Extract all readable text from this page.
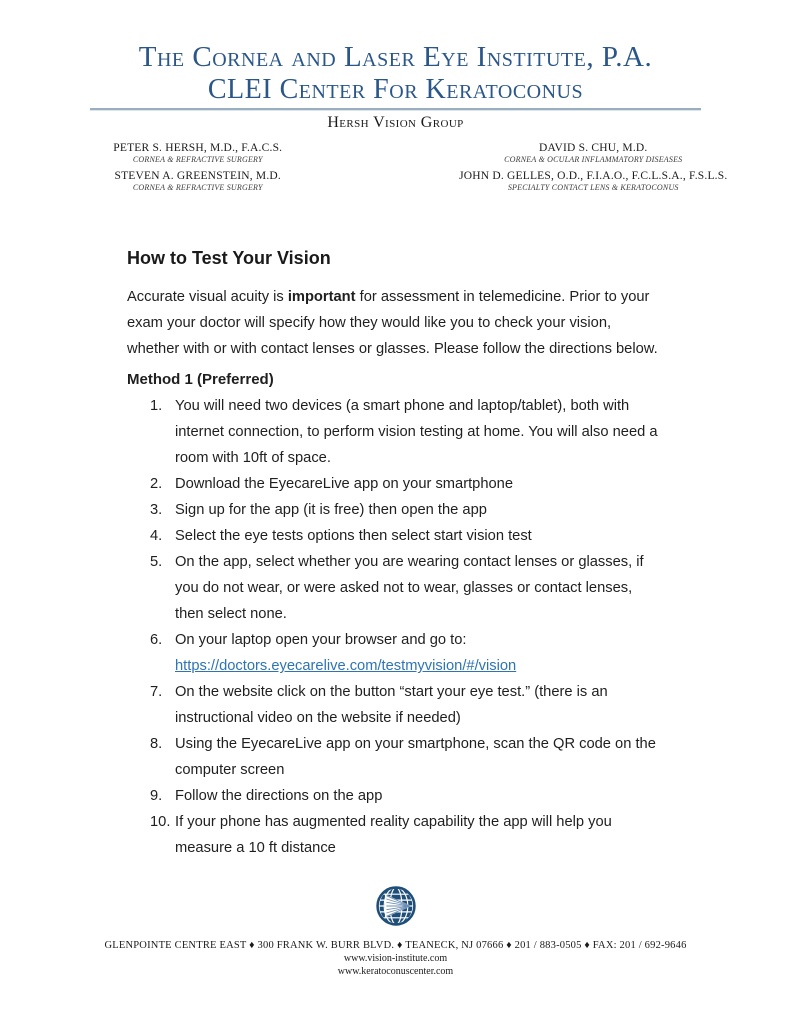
The Cornea and Laser Eye Institute, P.A.
CLEI Center For Keratoconus
Hersh Vision Group
PETER S. HERSH, M.D., F.A.C.S.
CORNEA & REFRACTIVE SURGERY
STEVEN A. GREENSTEIN, M.D.
CORNEA & REFRACTIVE SURGERY
DAVID S. CHU, M.D.
CORNEA & OCULAR INFLAMMATORY DISEASES
JOHN D. GELLES, O.D., F.I.A.O., F.C.L.S.A., F.S.L.S.
SPECIALTY CONTACT LENS & KERATOCONUS
How to Test Your Vision

Accurate visual acuity is important for assessment in telemedicine. Prior to your exam your doctor will specify how they would like you to check your vision, whether with or with contact lenses or glasses. Please follow the directions below.

Method 1 (Preferred)
1. You will need two devices (a smart phone and laptop/tablet), both with internet connection, to perform vision testing at home. You will also need a room with 10ft of space.
2. Download the EyecareLive app on your smartphone
3. Sign up for the app (it is free) then open the app
4. Select the eye tests options then select start vision test
5. On the app, select whether you are wearing contact lenses or glasses, if you do not wear, or were asked not to wear, glasses or contact lenses, then select none.
6. On your laptop open your browser and go to:
https://doctors.eyecarelive.com/testmyvision/#/vision
7. On the website click on the button “start your eye test.” (there is an instructional video on the website if needed)
8. Using the EyecareLive app on your smartphone, scan the QR code on the computer screen
9. Follow the directions on the app
10. If your phone has augmented reality capability the app will help you measure a 10 ft distance
GLENPOINTE CENTRE EAST ♦ 300 FRANK W. BURR BLVD. ♦ TEANECK, NJ 07666 ♦ 201 / 883-0505 ♦ FAX: 201 / 692-9646
www.vision-institute.com
www.keratoconuscenter.com
